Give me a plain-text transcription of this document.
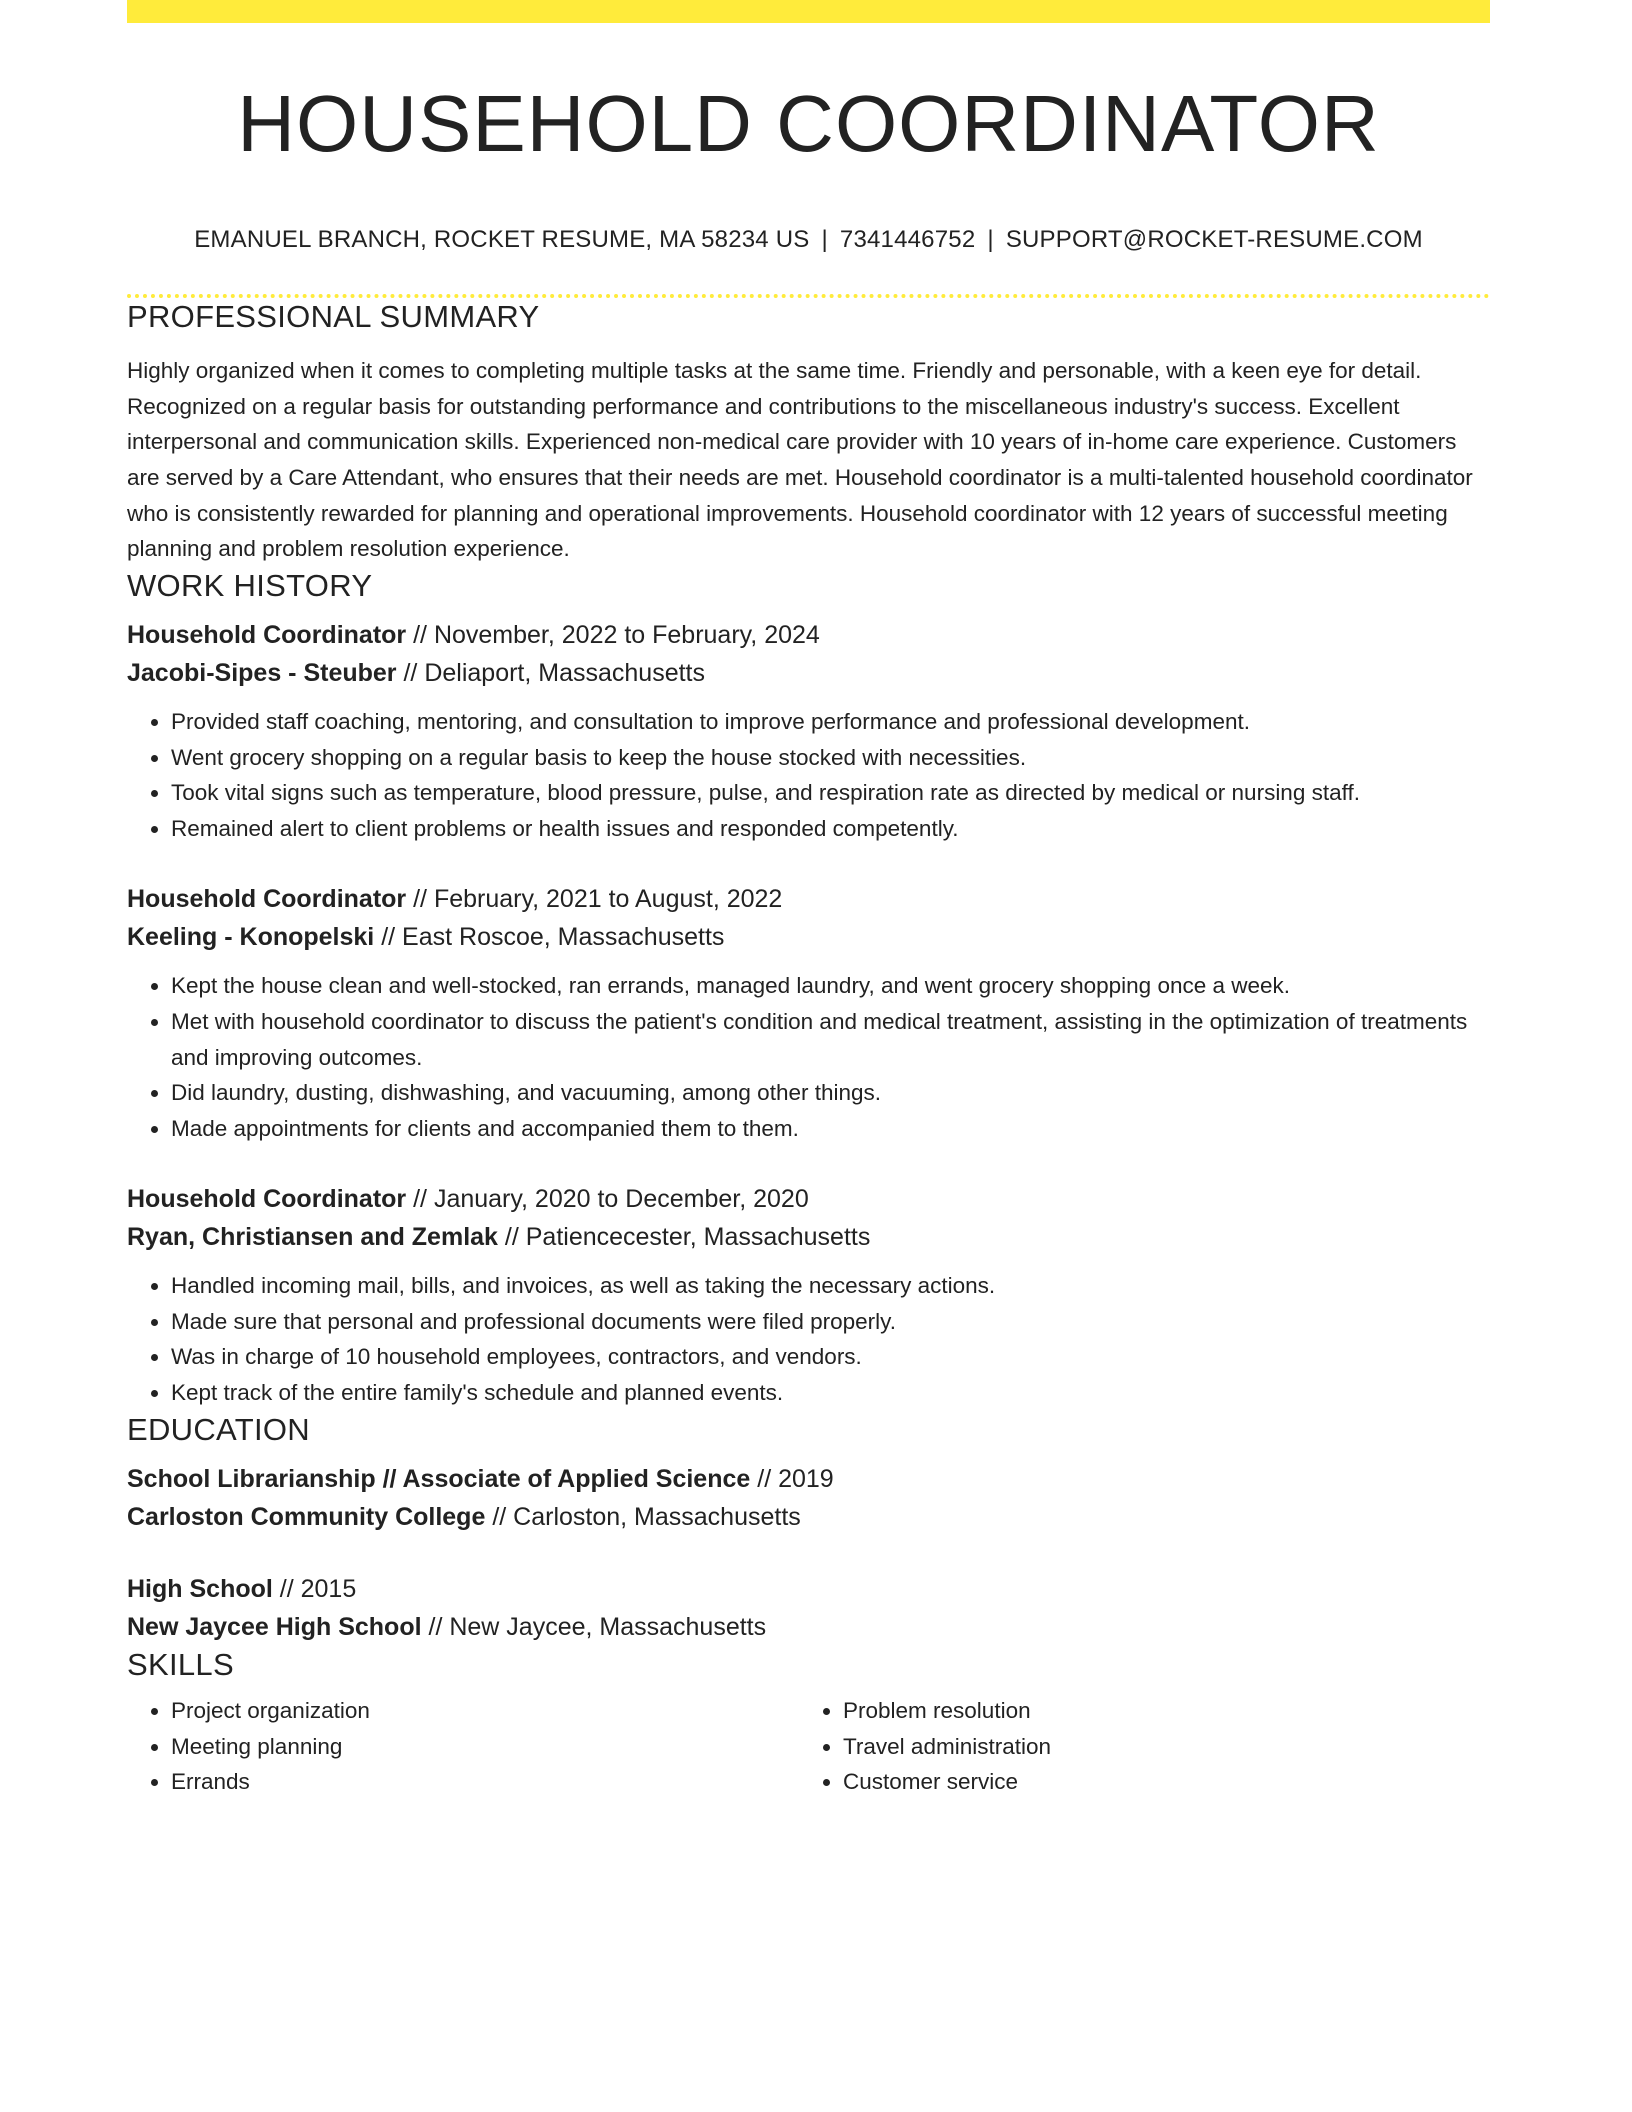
HOUSEHOLD COORDINATOR
EMANUEL BRANCH, ROCKET RESUME, MA 58234 US | 7341446752 | SUPPORT@ROCKET-RESUME.COM
PROFESSIONAL SUMMARY
Highly organized when it comes to completing multiple tasks at the same time. Friendly and personable, with a keen eye for detail. Recognized on a regular basis for outstanding performance and contributions to the miscellaneous industry's success. Excellent interpersonal and communication skills. Experienced non-medical care provider with 10 years of in-home care experience. Customers are served by a Care Attendant, who ensures that their needs are met. Household coordinator is a multi-talented household coordinator who is consistently rewarded for planning and operational improvements. Household coordinator with 12 years of successful meeting planning and problem resolution experience.
WORK HISTORY
Household Coordinator // November, 2022 to February, 2024
Jacobi-Sipes - Steuber // Deliaport, Massachusetts
• Provided staff coaching, mentoring, and consultation to improve performance and professional development.
• Went grocery shopping on a regular basis to keep the house stocked with necessities.
• Took vital signs such as temperature, blood pressure, pulse, and respiration rate as directed by medical or nursing staff.
• Remained alert to client problems or health issues and responded competently.
Household Coordinator // February, 2021 to August, 2022
Keeling - Konopelski // East Roscoe, Massachusetts
• Kept the house clean and well-stocked, ran errands, managed laundry, and went grocery shopping once a week.
• Met with household coordinator to discuss the patient's condition and medical treatment, assisting in the optimization of treatments and improving outcomes.
• Did laundry, dusting, dishwashing, and vacuuming, among other things.
• Made appointments for clients and accompanied them to them.
Household Coordinator // January, 2020 to December, 2020
Ryan, Christiansen and Zemlak // Patiencecester, Massachusetts
• Handled incoming mail, bills, and invoices, as well as taking the necessary actions.
• Made sure that personal and professional documents were filed properly.
• Was in charge of 10 household employees, contractors, and vendors.
• Kept track of the entire family's schedule and planned events.
EDUCATION
School Librarianship // Associate of Applied Science // 2019
Carloston Community College // Carloston, Massachusetts
High School // 2015
New Jaycee High School // New Jaycee, Massachusetts
SKILLS
• Project organization
• Meeting planning
• Errands
• Problem resolution
• Travel administration
• Customer service
